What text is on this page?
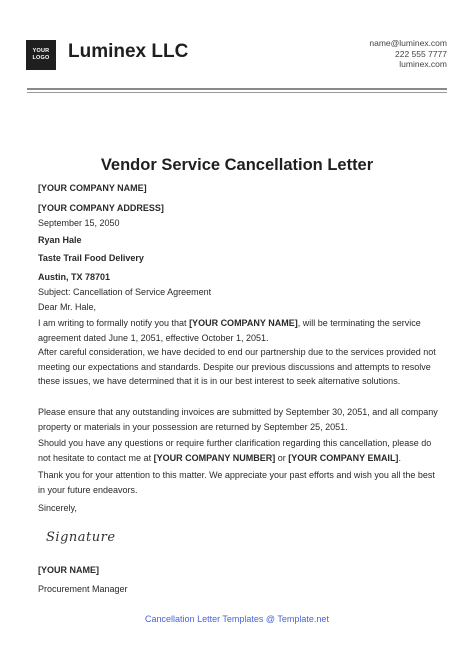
YOUR
LOGO Luminex LLC	name@luminex.com
222 555 7777
luminex.com
Vendor Service Cancellation Letter
[YOUR COMPANY NAME]
[YOUR COMPANY ADDRESS]
September 15, 2050
Ryan Hale
Taste Trail Food Delivery
Austin, TX 78701
Subject: Cancellation of Service Agreement
Dear Mr. Hale,
I am writing to formally notify you that [YOUR COMPANY NAME], will be terminating the service agreement dated June 1, 2051, effective October 1, 2051.
After careful consideration, we have decided to end our partnership due to the services provided not meeting our expectations and standards. Despite our previous discussions and attempts to resolve these issues, we have determined that it is in our best interest to seek alternative solutions.
Please ensure that any outstanding invoices are submitted by September 30, 2051, and all company property or materials in your possession are returned by September 25, 2051.
Should you have any questions or require further clarification regarding this cancellation, please do not hesitate to contact me at [YOUR COMPANY NUMBER] or [YOUR COMPANY EMAIL].
Thank you for your attention to this matter. We appreciate your past efforts and wish you all the best in your future endeavors.
Sincerely,
Signature
[YOUR NAME]
Procurement Manager
Cancellation Letter Templates @ Template.net
